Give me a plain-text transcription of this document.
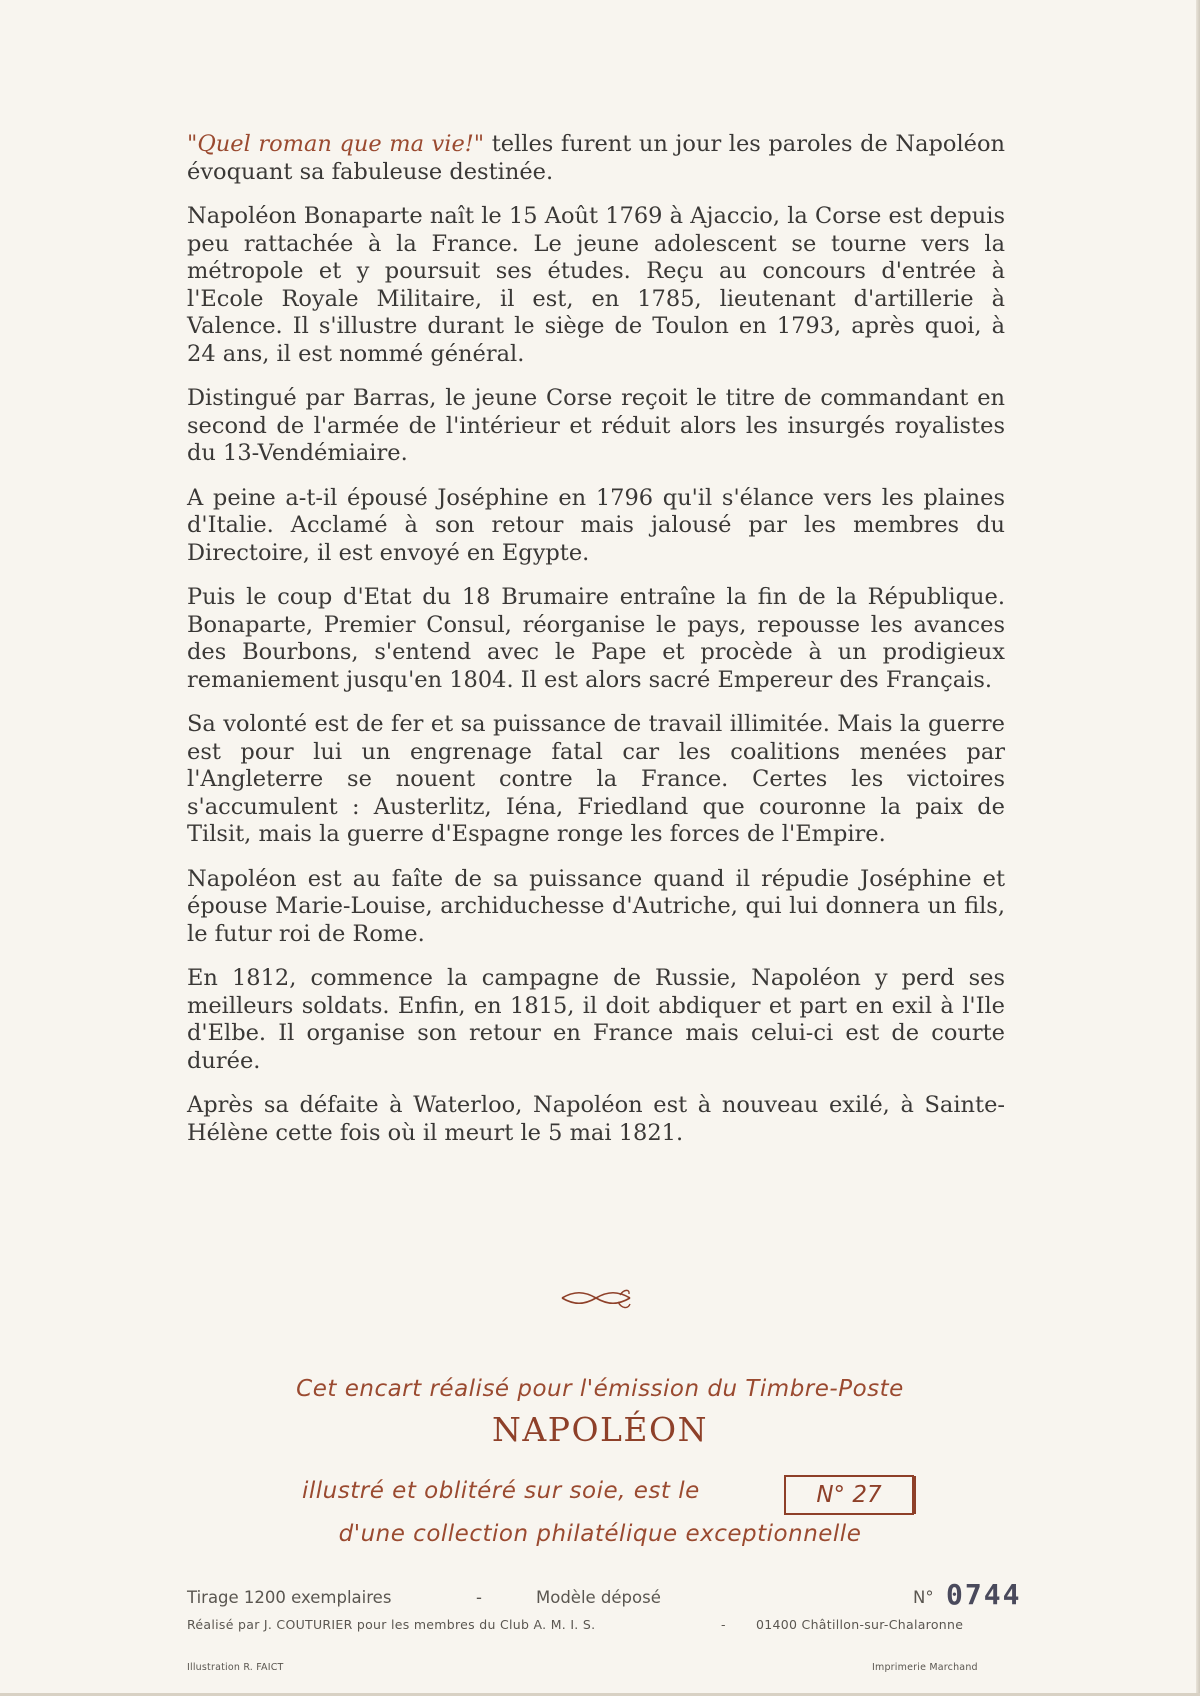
"Quel roman que ma vie!" telles furent un jour les paroles de Napoléon évoquant sa fabuleuse destinée.

Napoléon Bonaparte naît le 15 Août 1769 à Ajaccio, la Corse est depuis peu rattachée à la France. Le jeune adolescent se tourne vers la métropole et y poursuit ses études. Reçu au concours d'entrée à l'Ecole Royale Militaire, il est, en 1785, lieutenant d'artillerie à Valence. Il s'illustre durant le siège de Toulon en 1793, après quoi, à 24 ans, il est nommé général.

Distingué par Barras, le jeune Corse reçoit le titre de commandant en second de l'armée de l'intérieur et réduit alors les insurgés royalistes du 13-Vendémiaire.

A peine a-t-il épousé Joséphine en 1796 qu'il s'élance vers les plaines d'Italie. Acclamé à son retour mais jalousé par les membres du Directoire, il est envoyé en Egypte.

Puis le coup d'Etat du 18 Brumaire entraîne la fin de la République. Bonaparte, Premier Consul, réorganise le pays, repousse les avances des Bourbons, s'entend avec le Pape et procède à un prodigieux remaniement jusqu'en 1804. Il est alors sacré Empereur des Français.

Sa volonté est de fer et sa puissance de travail illimitée. Mais la guerre est pour lui un engrenage fatal car les coalitions menées par l'Angleterre se nouent contre la France. Certes les victoires s'accumulent : Austerlitz, Iéna, Friedland que couronne la paix de Tilsit, mais la guerre d'Espagne ronge les forces de l'Empire.

Napoléon est au faîte de sa puissance quand il répudie Joséphine et épouse Marie-Louise, archiduchesse d'Autriche, qui lui donnera un fils, le futur roi de Rome.

En 1812, commence la campagne de Russie, Napoléon y perd ses meilleurs soldats. Enfin, en 1815, il doit abdiquer et part en exil à l'Ile d'Elbe. Il organise son retour en France mais celui-ci est de courte durée.

Après sa défaite à Waterloo, Napoléon est à nouveau exilé, à Sainte-Hélène cette fois où il meurt le 5 mai 1821.

Cet encart réalisé pour l'émission du Timbre-Poste
NAPOLÉON
illustré et oblitéré sur soie, est le	N° 27
d'une collection philatélique exceptionnelle
Tirage 1200 exemplaires	-	Modèle déposé	N° 0744
Réalisé par J. COUTURIER pour les membres du Club A. M. I. S.	- 01400 Châtillon-sur-Chalaronne
Illustration R. FAICT	Imprimerie Marchand
